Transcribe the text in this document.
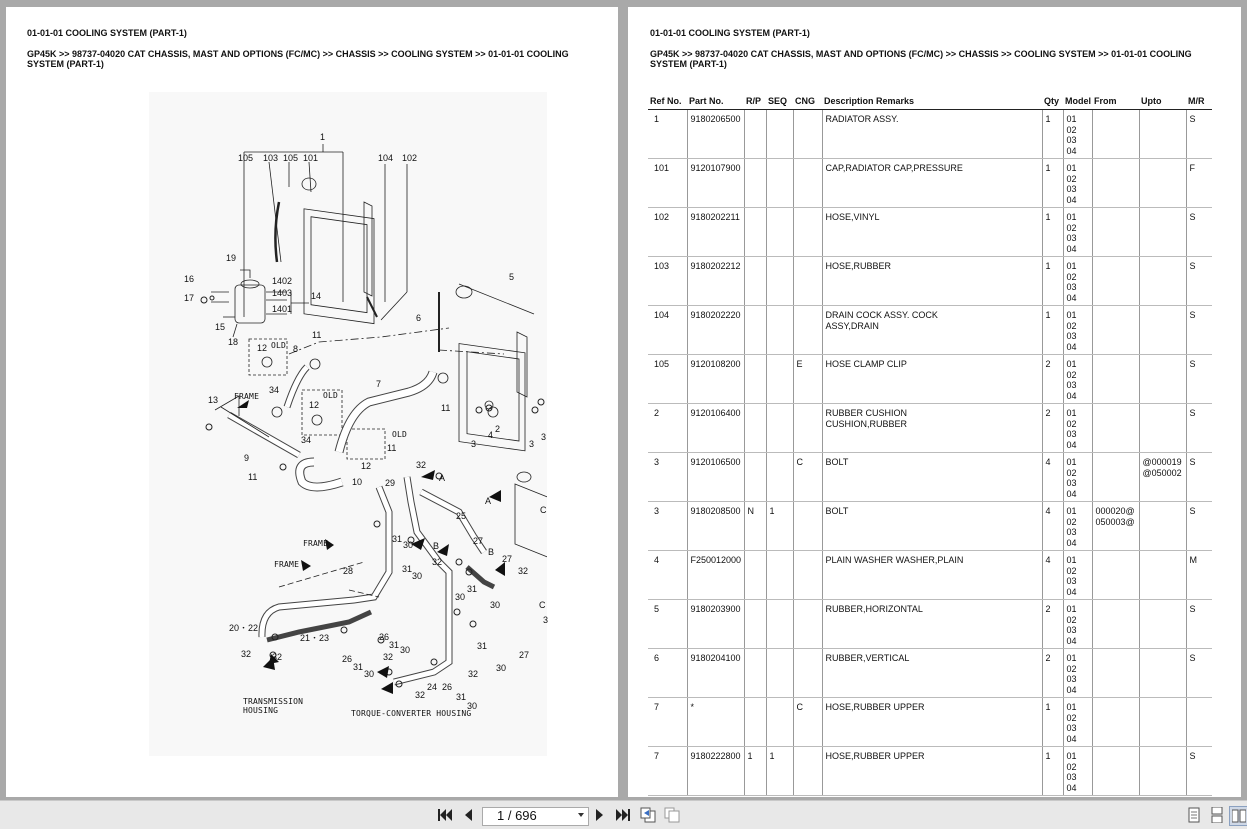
01-01-01 COOLING SYSTEM (PART-1)
GP45K >> 98737-04020 CAT CHASSIS, MAST AND OPTIONS (FC/MC) >> CHASSIS >> COOLING SYSTEM >> 01-01-01 COOLING
SYSTEM (PART-1)
1
105 103 105 101	104 102
19
16
17
15
18
1402
1403
1401
14
5
6
11
12 OLD 8
13 FRAME
34
OLD
12
7
11
3
4
2
3
3
9
34
OLD
11
12
11	10
32
A
29
25
A
C
31
30
FRAME	B	27
B
27
FRAME
28
32
31
30	32
31
30
30	C
20・22
21・23
32 32
26
31 30
26
31
30
32
31
27
30
32
24 26
31
30
32
3
TRANSMISSION
HOUSING	TORQUE-CONVERTER HOUSING
01-01-01 COOLING SYSTEM (PART-1)
GP45K >> 98737-04020 CAT CHASSIS, MAST AND OPTIONS (FC/MC) >> CHASSIS >> COOLING SYSTEM >> 01-01-01 COOLING
SYSTEM (PART-1)
Ref No.	Part No.	R/P	SEQ	CNG	Description Remarks	Qty	Model	From	Upto	M/R
1	9180206500				RADIATOR ASSY.	1	01
02
03
04			S
101	9120107900				CAP,RADIATOR CAP,PRESSURE	1	01
02
03
04			F
102	9180202211				HOSE,VINYL	1	01
02
03
04			S
103	9180202212				HOSE,RUBBER	1	01
02
03
04			S
104	9180202220				DRAIN COCK ASSY. COCK
ASSY,DRAIN	1	01
02
03
04			S
105	9120108200			E	HOSE CLAMP CLIP	2	01
02
03
04			S
2	9120106400				RUBBER CUSHION
CUSHION,RUBBER	2	01
02
03
04			S
3	9120106500			C	BOLT	4	01
02
03
04		@000019
@050002	S
3	9180208500	N	1		BOLT	4	01
02
03
04	000020@
050003@		S
4	F250012000				PLAIN WASHER WASHER,PLAIN	4	01
02
03
04			M
5	9180203900				RUBBER,HORIZONTAL	2	01
02
03
04			S
6	9180204100				RUBBER,VERTICAL	2	01
02
03
04			S
7	*			C	HOSE,RUBBER UPPER	1	01
02
03
04			

7	9180222800	1	1		HOSE,RUBBER UPPER	1	01
02
03
04			S
1 / 696
